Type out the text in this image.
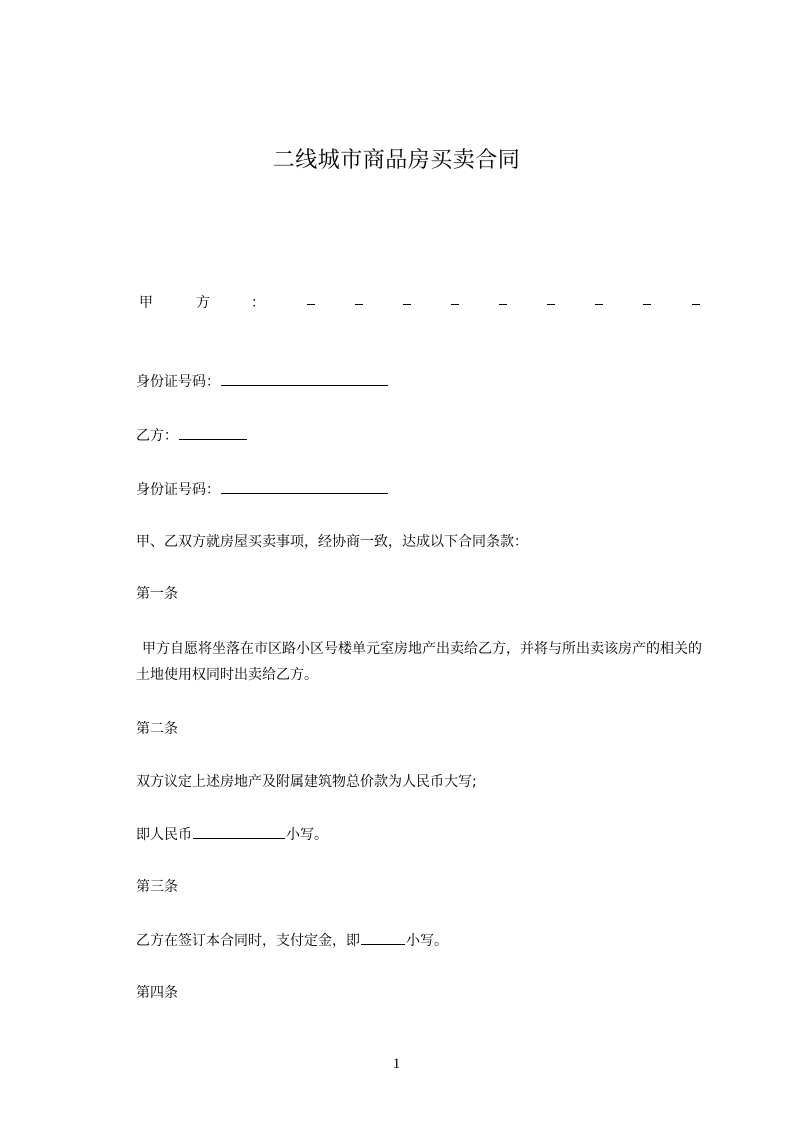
二线城市商品房买卖合同
甲	方	：
身份证号码：
乙方：
身份证号码：
甲、乙双方就房屋买卖事项，经协商一致，达成以下合同条款：
第一条
甲方自愿将坐落在市区路小区号楼单元室房地产出卖给乙方，并将与所出卖该房产的相关的土地使用权同时出卖给乙方。
第二条
双方议定上述房地产及附属建筑物总价款为人民币大写;
即人民币	小写。
第三条
乙方在签订本合同时，支付定金，即	小写。
第四条
1
